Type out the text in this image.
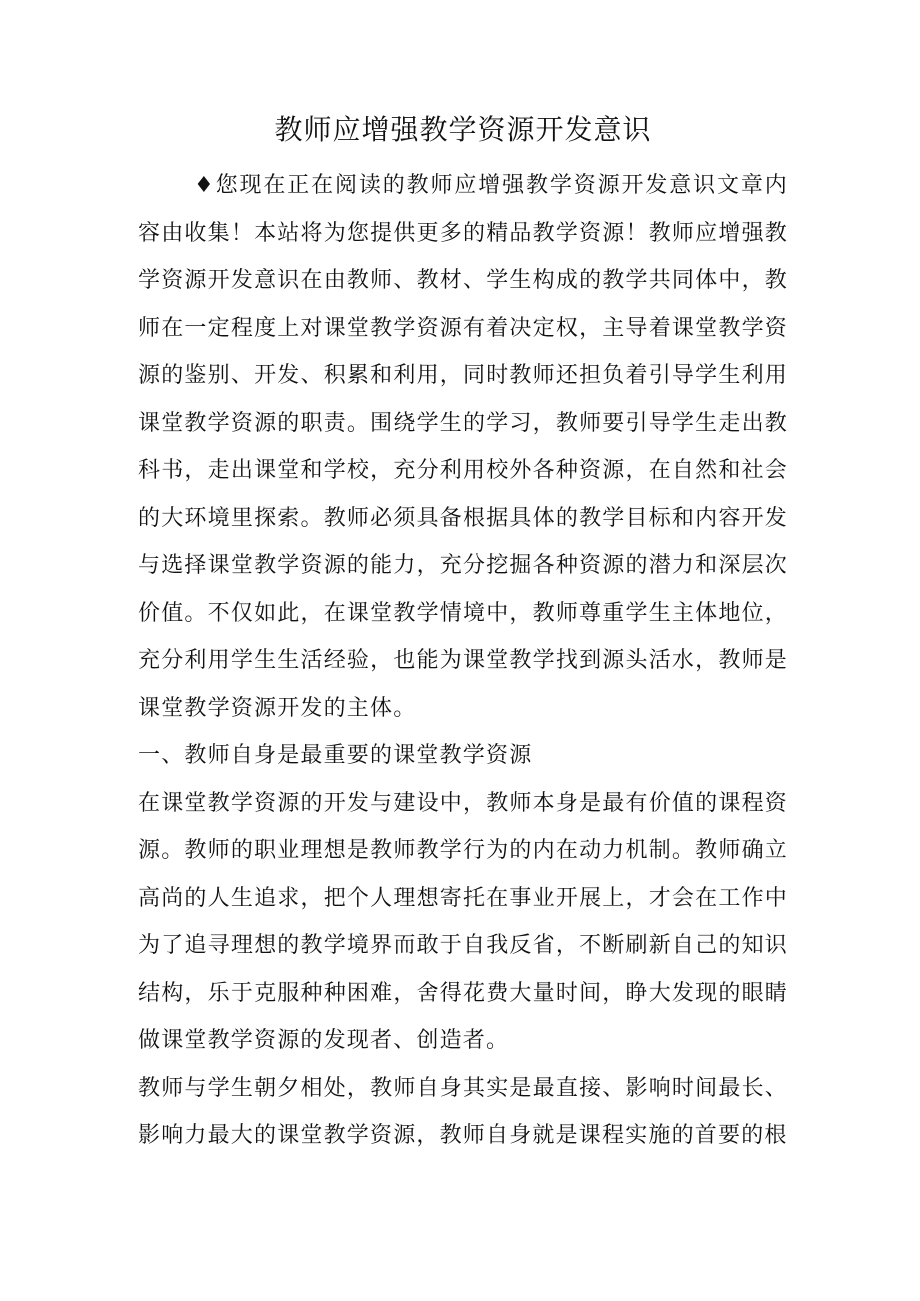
教师应增强教学资源开发意识

♦您现在正在阅读的教师应增强教学资源开发意识文章内容由收集！本站将为您提供更多的精品教学资源！教师应增强教学资源开发意识在由教师、教材、学生构成的教学共同体中，教师在一定程度上对课堂教学资源有着决定权，主导着课堂教学资源的鉴别、开发、积累和利用，同时教师还担负着引导学生利用课堂教学资源的职责。围绕学生的学习，教师要引导学生走出教科书，走出课堂和学校，充分利用校外各种资源，在自然和社会的大环境里探索。教师必须具备根据具体的教学目标和内容开发与选择课堂教学资源的能力，充分挖掘各种资源的潜力和深层次价值。不仅如此，在课堂教学情境中，教师尊重学生主体地位，充分利用学生生活经验，也能为课堂教学找到源头活水，教师是课堂教学资源开发的主体。

一、教师自身是最重要的课堂教学资源

在课堂教学资源的开发与建设中，教师本身是最有价值的课程资源。教师的职业理想是教师教学行为的内在动力机制。教师确立高尚的人生追求，把个人理想寄托在事业开展上，才会在工作中为了追寻理想的教学境界而敢于自我反省，不断刷新自己的知识结构，乐于克服种种困难，舍得花费大量时间，睁大发现的眼睛做课堂教学资源的发现者、创造者。

教师与学生朝夕相处，教师自身其实是最直接、影响时间最长、影响力最大的课堂教学资源，教师自身就是课程实施的首要的根
